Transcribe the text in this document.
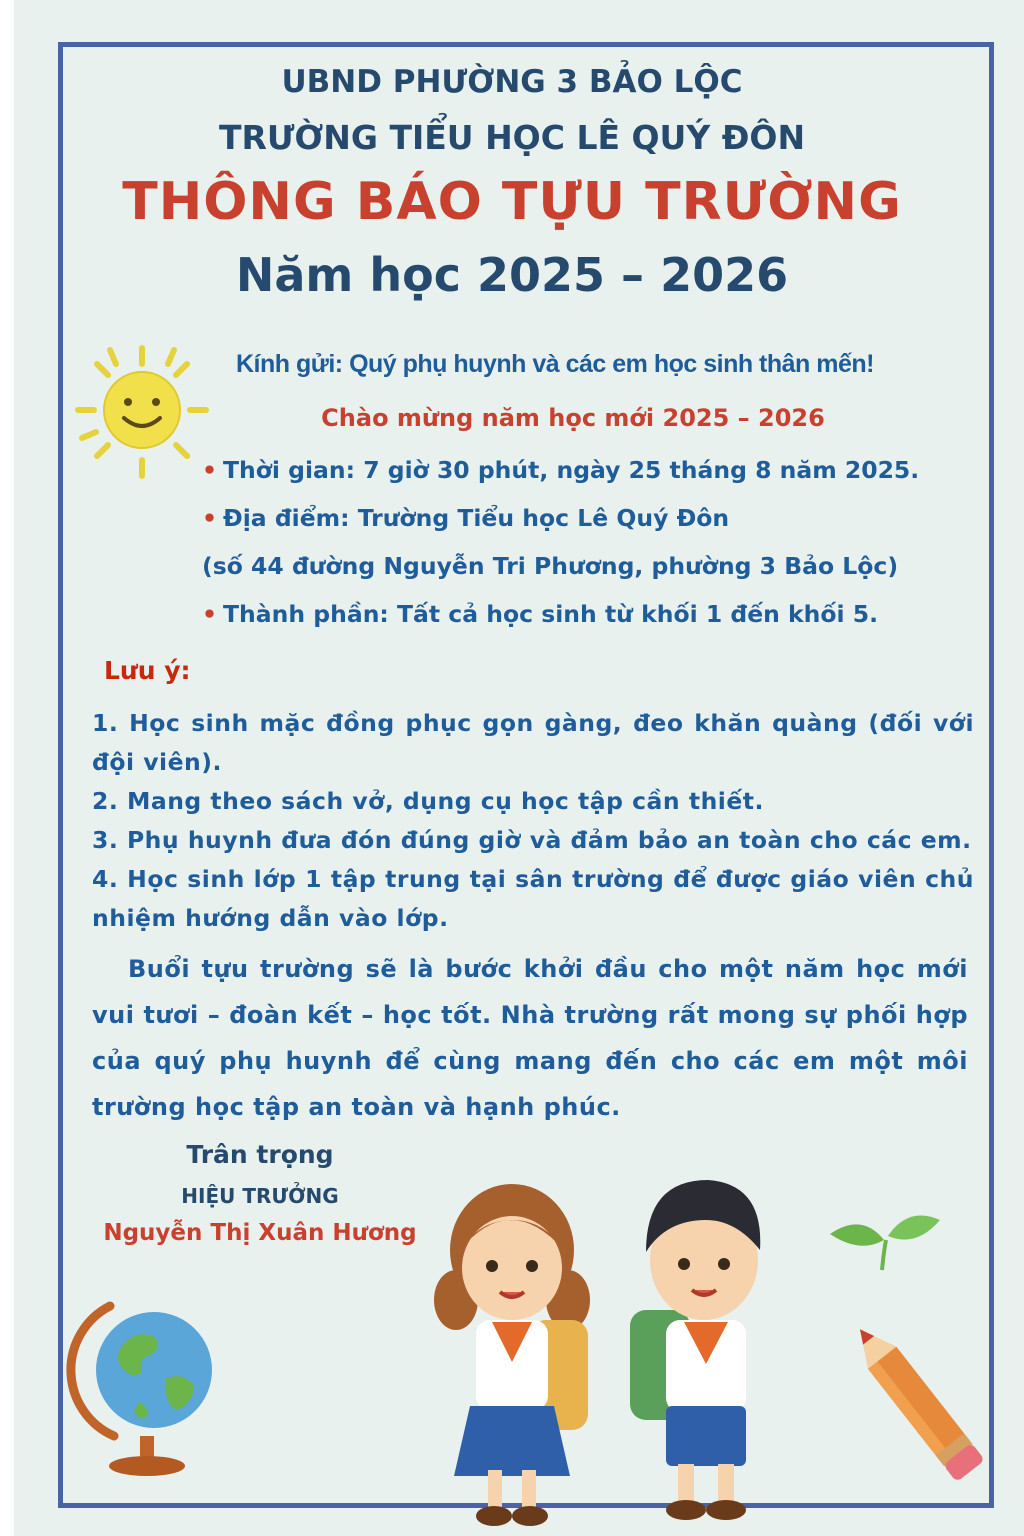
UBND PHƯỜNG 3 BẢO LỘC
TRƯỜNG TIỂU HỌC LÊ QUÝ ĐÔN
THÔNG BÁO TỰU TRƯỜNG
Năm học 2025 – 2026
Kính gửi: Quý phụ huynh và các em học sinh thân mến!
Chào mừng năm học mới 2025 – 2026
• Thời gian: 7 giờ 30 phút, ngày 25 tháng 8 năm 2025.
• Địa điểm: Trường Tiểu học Lê Quý Đôn
(số 44 đường Nguyễn Tri Phương, phường 3 Bảo Lộc)
• Thành phần: Tất cả học sinh từ khối 1 đến khối 5.
Lưu ý:

1. Học sinh mặc đồng phục gọn gàng, đeo khăn quàng (đối với đội viên).

2. Mang theo sách vở, dụng cụ học tập cần thiết.

3. Phụ huynh đưa đón đúng giờ và đảm bảo an toàn cho các em.

4. Học sinh lớp 1 tập trung tại sân trường để được giáo viên chủ nhiệm hướng dẫn vào lớp.

Buổi tựu trường sẽ là bước khởi đầu cho một năm học mới vui tươi – đoàn kết – học tốt. Nhà trường rất mong sự phối hợp của quý phụ huynh để cùng mang đến cho các em một môi trường học tập an toàn và hạnh phúc.
Trân trọng
HIỆU TRƯỞNG
Nguyễn Thị Xuân Hương
